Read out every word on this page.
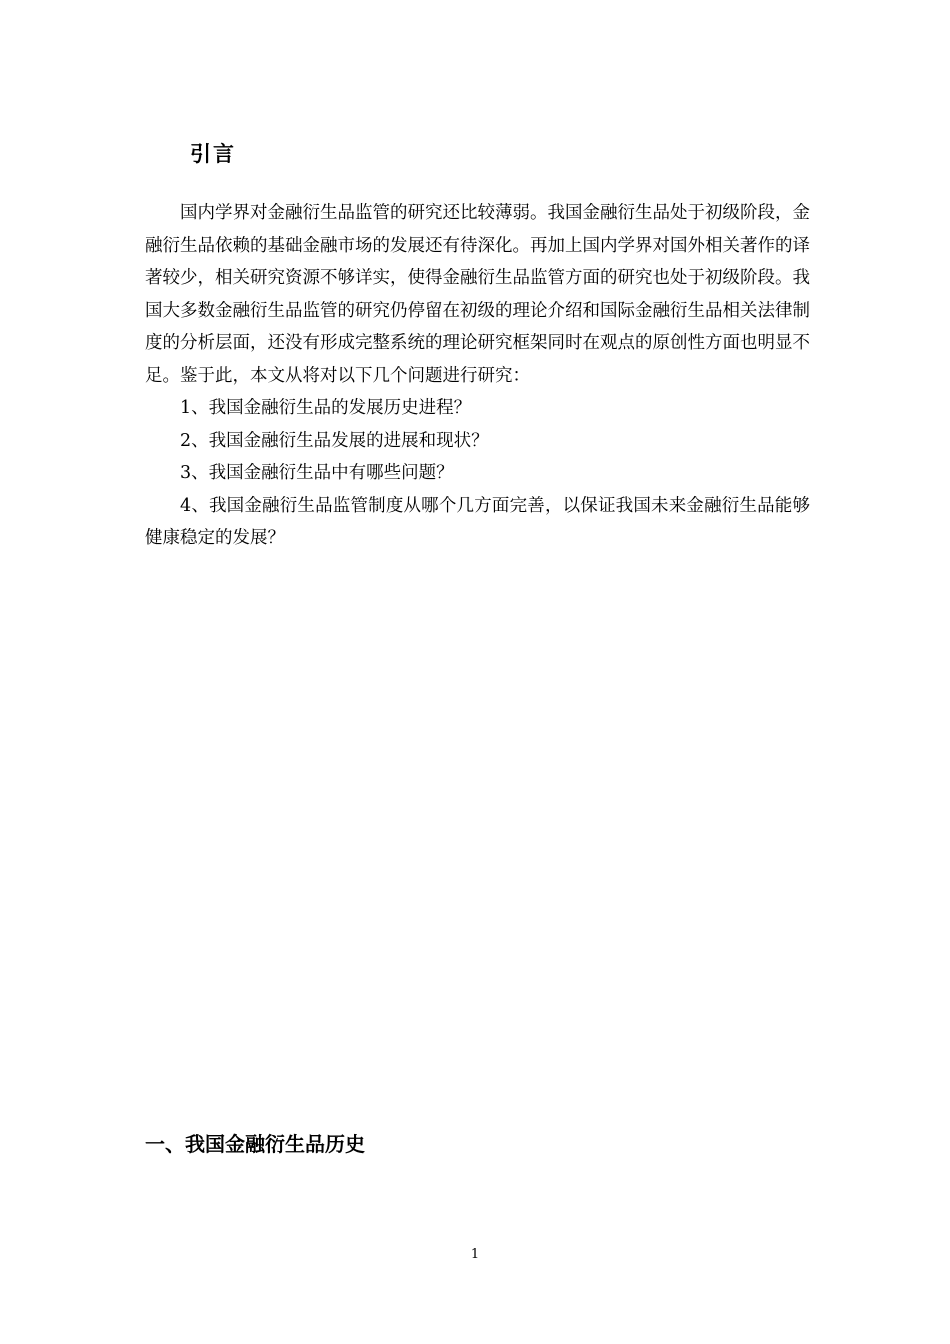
引言

国内学界对金融衍生品监管的研究还比较薄弱。我国金融衍生品处于初级阶段，金融衍生品依赖的基础金融市场的发展还有待深化。再加上国内学界对国外相关著作的译著较少，相关研究资源不够详实，使得金融衍生品监管方面的研究也处于初级阶段。我国大多数金融衍生品监管的研究仍停留在初级的理论介绍和国际金融衍生品相关法律制度的分析层面，还没有形成完整系统的理论研究框架同时在观点的原创性方面也明显不足。鉴于此，本文从将对以下几个问题进行研究：

1、我国金融衍生品的发展历史进程？

2、我国金融衍生品发展的进展和现状？

3、我国金融衍生品中有哪些问题？

4、我国金融衍生品监管制度从哪个几方面完善，以保证我国未来金融衍生品能够健康稳定的发展？

一、我国金融衍生品历史
1
